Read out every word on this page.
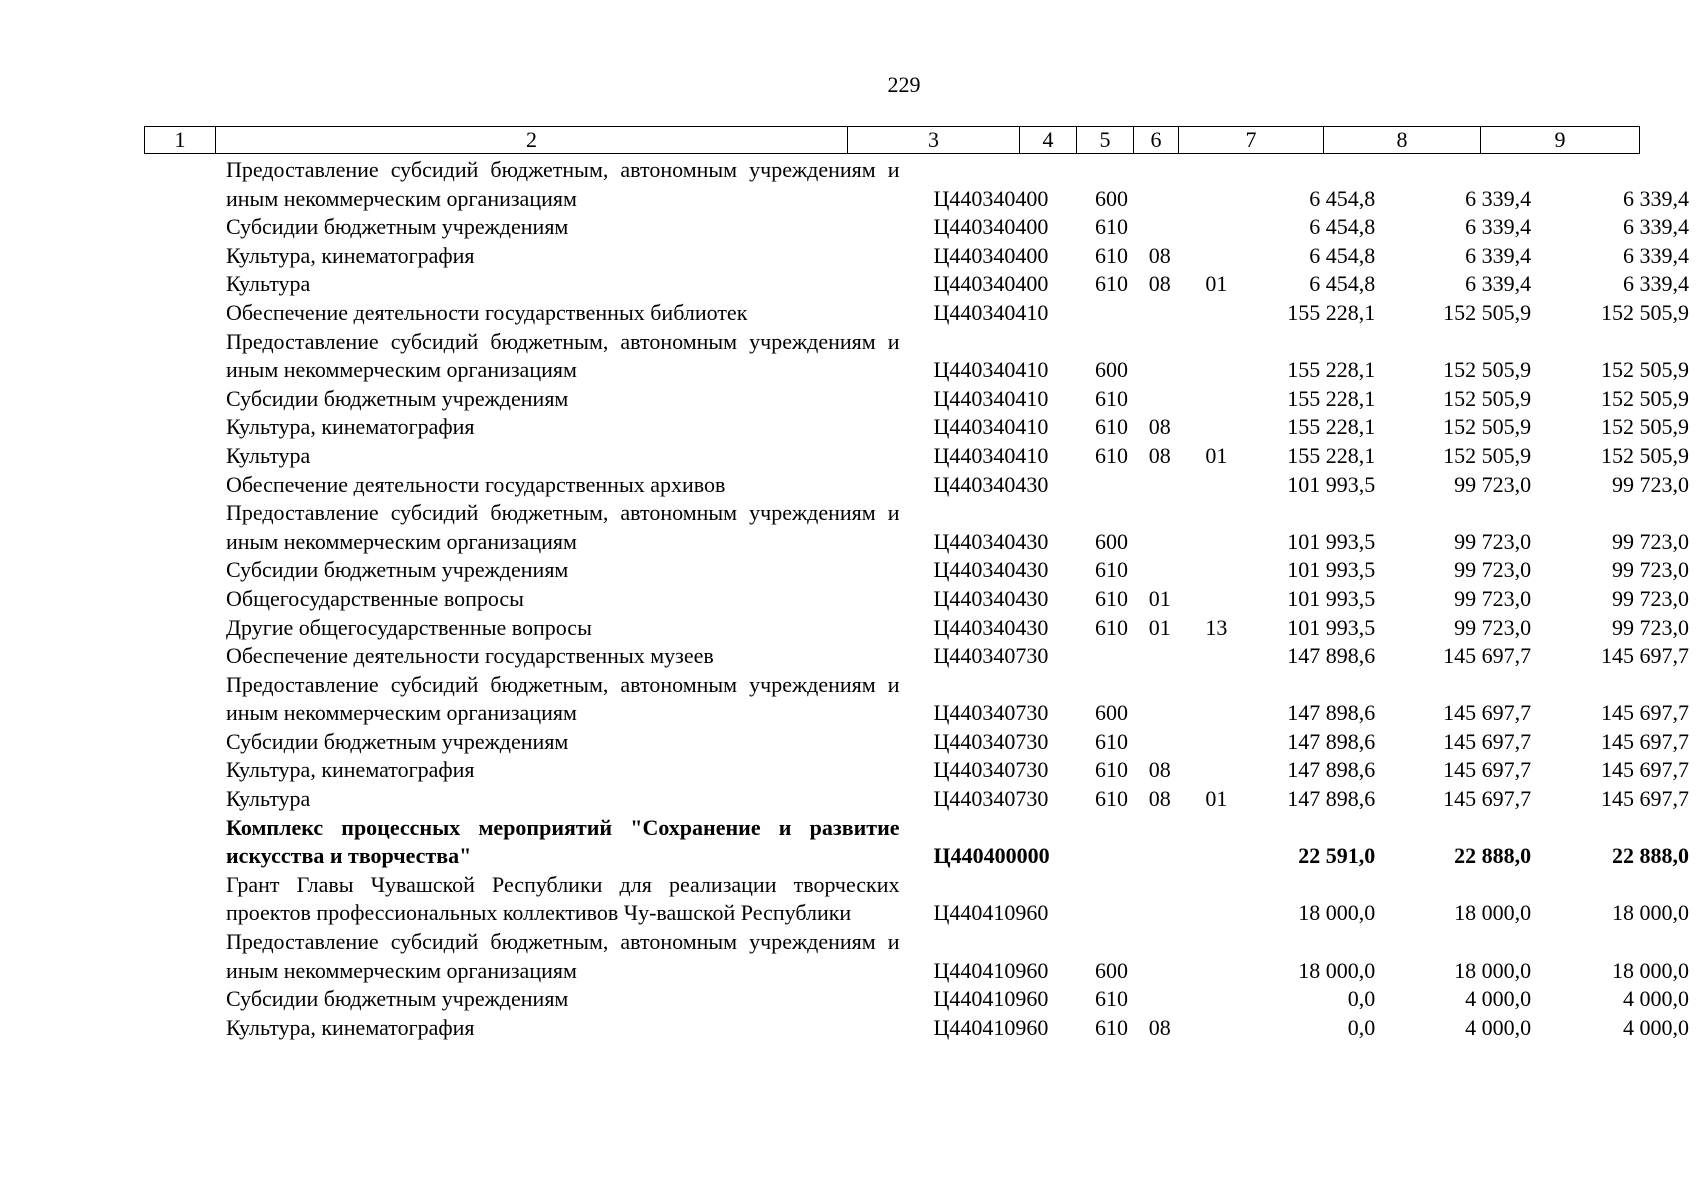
229
1	2	3	4	5	6	7	8	9
Предоставление субсидий бюджетным, автономным учреждениям и иным некоммерческим организациям	Ц440340400	600			6 454,8	6 339,4	6 339,4
Субсидии бюджетным учреждениям	Ц440340400	610			6 454,8	6 339,4	6 339,4
Культура, кинематография	Ц440340400	610	08		6 454,8	6 339,4	6 339,4
Культура	Ц440340400	610	08	01	6 454,8	6 339,4	6 339,4
Обеспечение деятельности государственных библиотек	Ц440340410				155 228,1	152 505,9	152 505,9
Предоставление субсидий бюджетным, автономным учреждениям и иным некоммерческим организациям	Ц440340410	600			155 228,1	152 505,9	152 505,9
Субсидии бюджетным учреждениям	Ц440340410	610			155 228,1	152 505,9	152 505,9
Культура, кинематография	Ц440340410	610	08		155 228,1	152 505,9	152 505,9
Культура	Ц440340410	610	08	01	155 228,1	152 505,9	152 505,9
Обеспечение деятельности государственных архивов	Ц440340430				101 993,5	99 723,0	99 723,0
Предоставление субсидий бюджетным, автономным учреждениям и иным некоммерческим организациям	Ц440340430	600			101 993,5	99 723,0	99 723,0
Субсидии бюджетным учреждениям	Ц440340430	610			101 993,5	99 723,0	99 723,0
Общегосударственные вопросы	Ц440340430	610	01		101 993,5	99 723,0	99 723,0
Другие общегосударственные вопросы	Ц440340430	610	01	13	101 993,5	99 723,0	99 723,0
Обеспечение деятельности государственных музеев	Ц440340730				147 898,6	145 697,7	145 697,7
Предоставление субсидий бюджетным, автономным учреждениям и иным некоммерческим организациям	Ц440340730	600			147 898,6	145 697,7	145 697,7
Субсидии бюджетным учреждениям	Ц440340730	610			147 898,6	145 697,7	145 697,7
Культура, кинематография	Ц440340730	610	08		147 898,6	145 697,7	145 697,7
Культура	Ц440340730	610	08	01	147 898,6	145 697,7	145 697,7
Комплекс процессных мероприятий "Сохранение и развитие искусства и творчества"	Ц440400000				22 591,0	22 888,0	22 888,0
Грант Главы Чувашской Республики для реализации творческих проектов профессиональных коллективов Чу-вашской Республики	Ц440410960				18 000,0	18 000,0	18 000,0
Предоставление субсидий бюджетным, автономным учреждениям и иным некоммерческим организациям	Ц440410960	600			18 000,0	18 000,0	18 000,0
Субсидии бюджетным учреждениям	Ц440410960	610			0,0	4 000,0	4 000,0
Культура, кинематография	Ц440410960	610	08		0,0	4 000,0	4 000,0
